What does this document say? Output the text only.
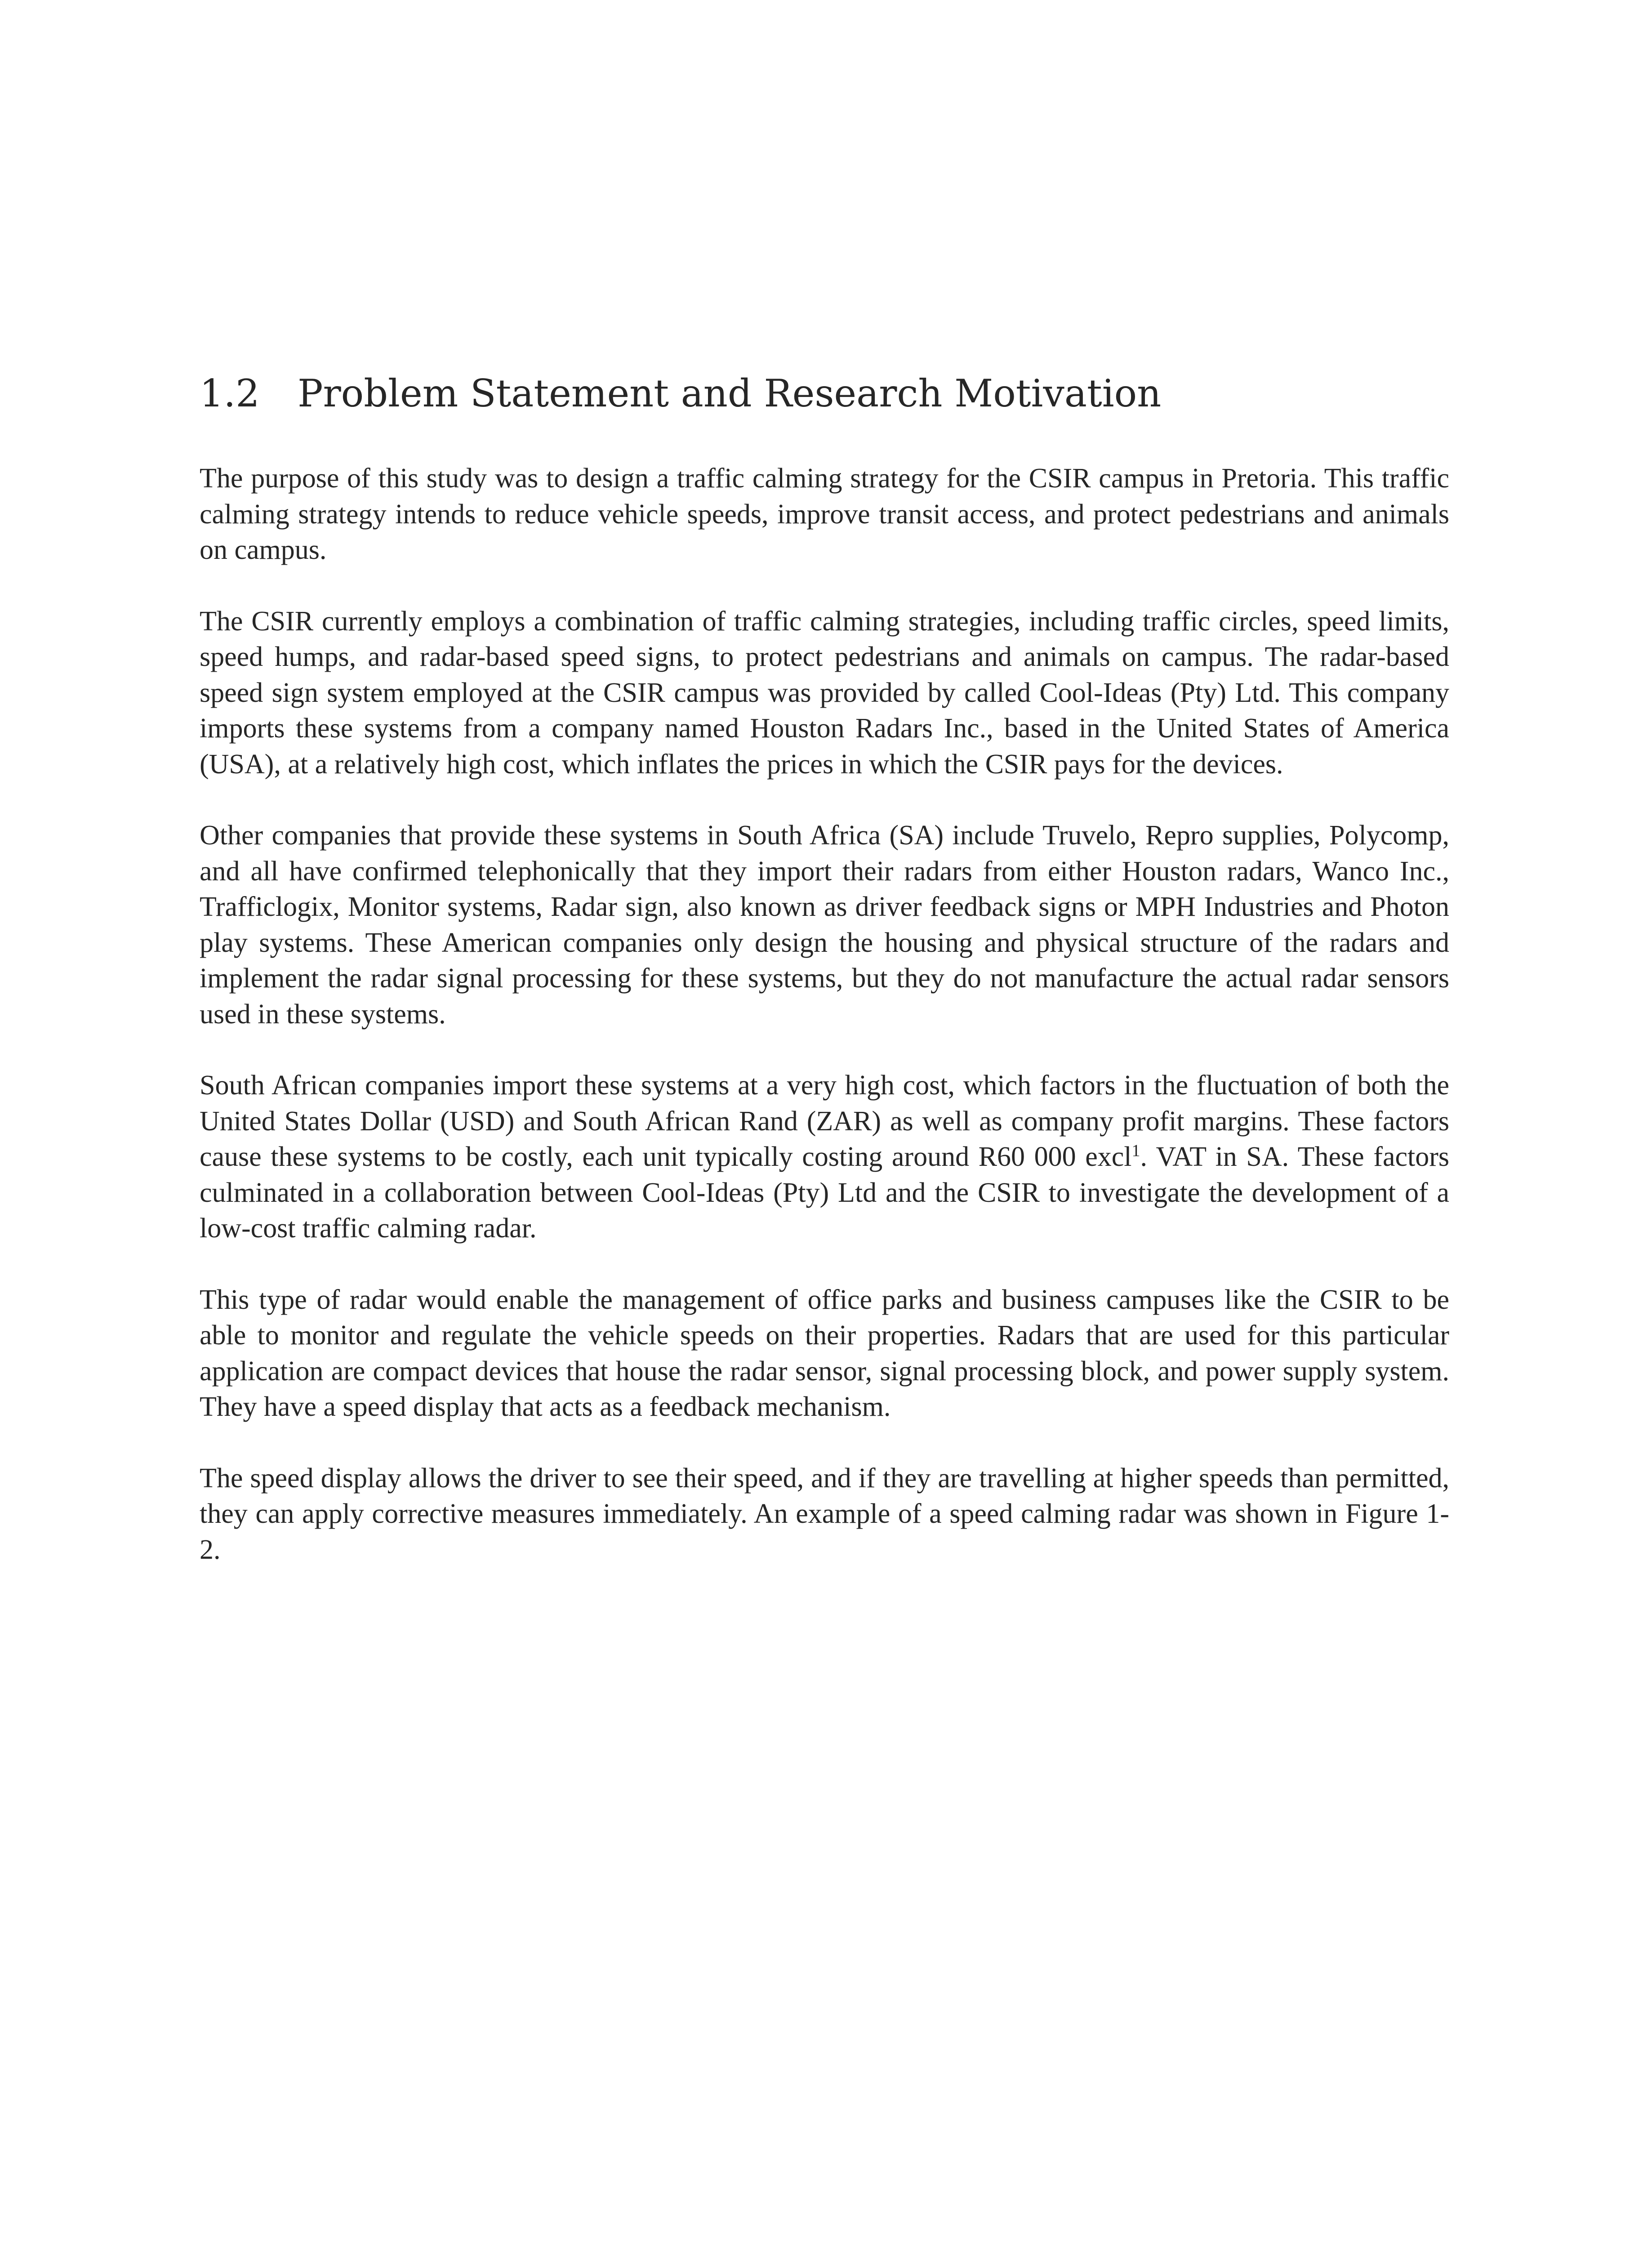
1.2 Problem Statement and Research Motivation

The purpose of this study was to design a traffic calming strategy for the CSIR campus in Pretoria. This traffic calming strategy intends to reduce vehicle speeds, improve transit access, and protect pedestrians and animals on campus.

The CSIR currently employs a combination of traffic calming strategies, including traffic circles, speed limits, speed humps, and radar-based speed signs, to protect pedestrians and animals on campus. The radar-based speed sign system employed at the CSIR campus was provided by called Cool-Ideas (Pty) Ltd. This company imports these systems from a company named Houston Radars Inc., based in the United States of America (USA), at a relatively high cost, which inflates the prices in which the CSIR pays for the devices.

Other companies that provide these systems in South Africa (SA) include Truvelo, Repro supplies, Polycomp, and all have confirmed telephonically that they import their radars from either Houston radars, Wanco Inc., Trafficlogix, Monitor systems, Radar sign, also known as driver feedback signs or MPH Industries and Photon play systems. These American companies only design the housing and physical structure of the radars and implement the radar signal processing for these systems, but they do not manufacture the actual radar sensors used in these systems.

South African companies import these systems at a very high cost, which factors in the fluctuation of both the United States Dollar (USD) and South African Rand (ZAR) as well as company profit margins. These factors cause these systems to be costly, each unit typically costing around R60 000 excl$^1$. VAT in SA. These factors culminated in a collaboration between Cool-Ideas (Pty) Ltd and the CSIR to investigate the development of a low-cost traffic calming radar.

This type of radar would enable the management of office parks and business campuses like the CSIR to be able to monitor and regulate the vehicle speeds on their properties. Radars that are used for this particular application are compact devices that house the radar sensor, signal processing block, and power supply system. They have a speed display that acts as a feedback mechanism.

The speed display allows the driver to see their speed, and if they are travelling at higher speeds than permitted, they can apply corrective measures immediately. An example of a speed calming radar was shown in Figure 1-2.
